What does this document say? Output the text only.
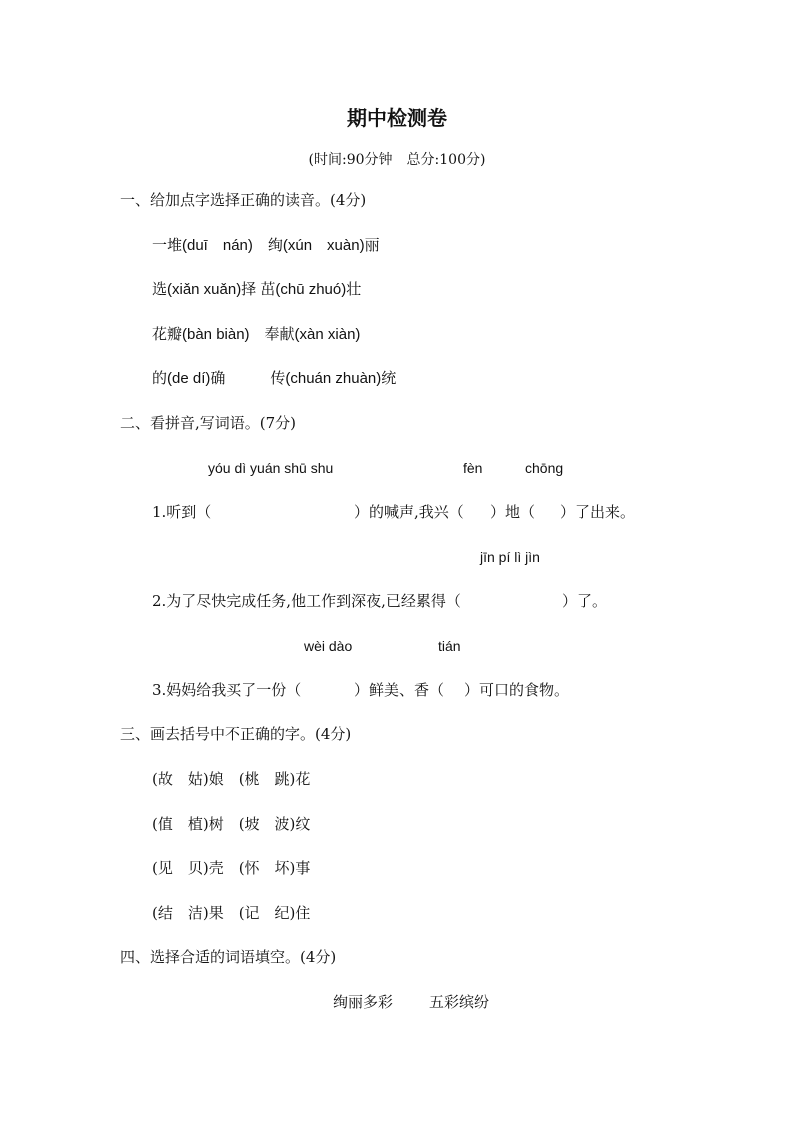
期中检测卷
(时间:90分钟　总分:100分)
一、给加点字选择正确的读音。(4分)
一堆(duī　nán)　绚(xún　xuàn)丽
选(xiǎn xuǎn)择 茁(chū zhuó)壮
花瓣(bàn biàn)　奉献(xàn xiàn)
的(de dí)确　　　传(chuán zhuàn)统
二、看拼音,写词语。(7分)
yóu dì yuán shū shu	fèn	chōng
1.听到（	）的喊声,我兴（ ）地（ ）了出来。
jīn pí lì jìn
2.为了尽快完成任务,他工作到深夜,已经累得（	）了。
wèi dào	tián
3.妈妈给我买了一份（	）鲜美、香（ ）可口的食物。
三、画去括号中不正确的字。(4分)
(故　姑)娘　(桃　跳)花
(值　植)树　(坡　波)纹
(见　贝)壳　(怀　坏)事
(结　洁)果　(记　纪)住
四、选择合适的词语填空。(4分)
绚丽多彩 五彩缤纷
